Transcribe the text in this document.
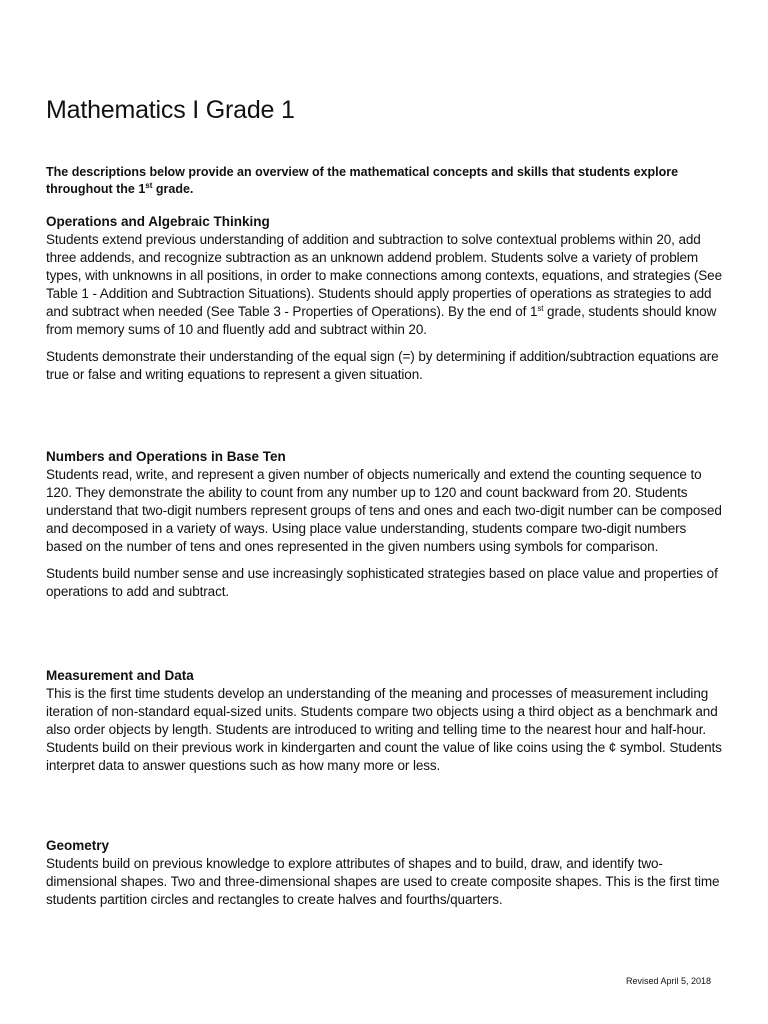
Mathematics I Grade 1

The descriptions below provide an overview of the mathematical concepts and skills that students explore throughout the 1st grade.

Operations and Algebraic Thinking

Students extend previous understanding of addition and subtraction to solve contextual problems within 20, add three addends, and recognize subtraction as an unknown addend problem. Students solve a variety of problem types, with unknowns in all positions, in order to make connections among contexts, equations, and strategies (See Table 1 - Addition and Subtraction Situations). Students should apply properties of operations as strategies to add and subtract when needed (See Table 3 - Properties of Operations). By the end of 1st grade, students should know from memory sums of 10 and fluently add and subtract within 20.

Students demonstrate their understanding of the equal sign (=) by determining if addition/subtraction equations are true or false and writing equations to represent a given situation.

Numbers and Operations in Base Ten

Students read, write, and represent a given number of objects numerically and extend the counting sequence to 120. They demonstrate the ability to count from any number up to 120 and count backward from 20. Students understand that two-digit numbers represent groups of tens and ones and each two-digit number can be composed and decomposed in a variety of ways. Using place value understanding, students compare two-digit numbers based on the number of tens and ones represented in the given numbers using symbols for comparison.

Students build number sense and use increasingly sophisticated strategies based on place value and properties of operations to add and subtract.

Measurement and Data

This is the first time students develop an understanding of the meaning and processes of measurement including iteration of non-standard equal-sized units. Students compare two objects using a third object as a benchmark and also order objects by length. Students are introduced to writing and telling time to the nearest hour and half-hour. Students build on their previous work in kindergarten and count the value of like coins using the ¢ symbol. Students interpret data to answer questions such as how many more or less.

Geometry

Students build on previous knowledge to explore attributes of shapes and to build, draw, and identify two-dimensional shapes. Two and three-dimensional shapes are used to create composite shapes. This is the first time students partition circles and rectangles to create halves and fourths/quarters.

Revised April 5, 2018
